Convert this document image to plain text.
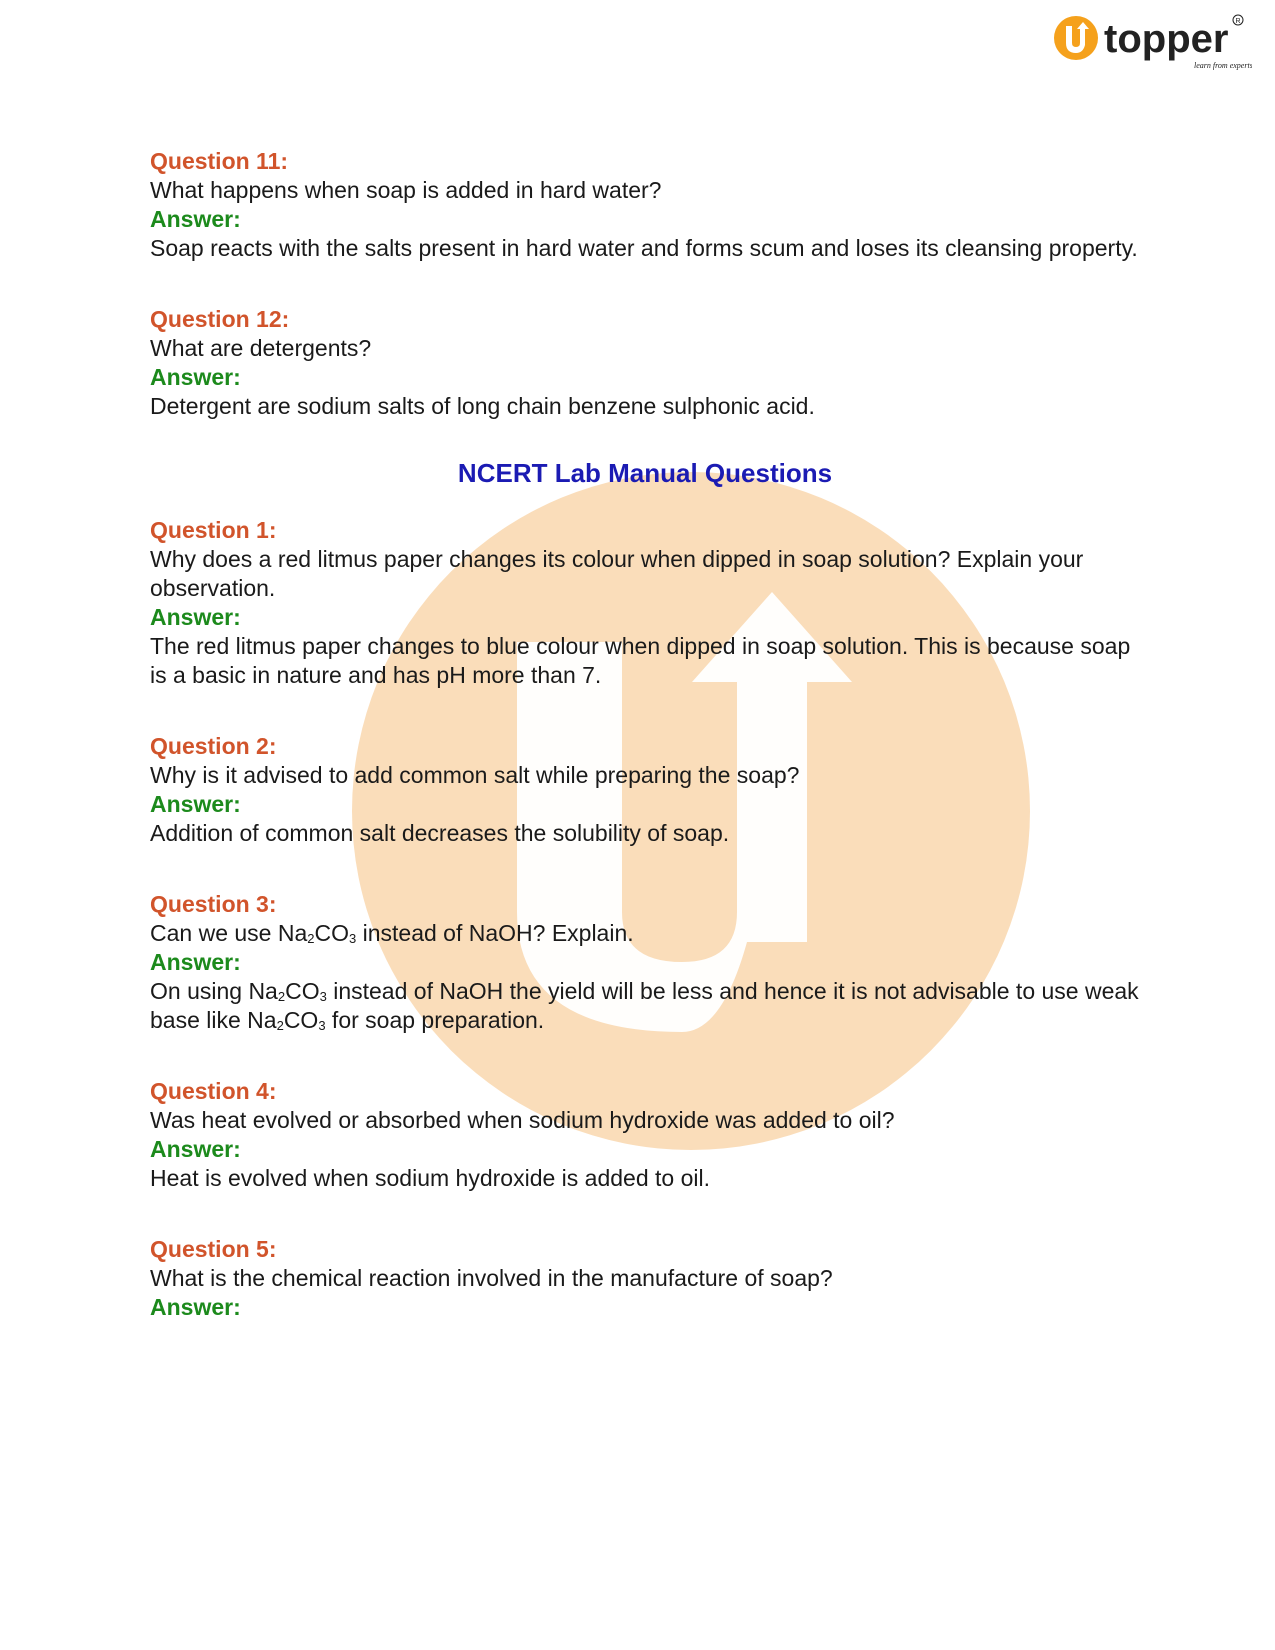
topper R
learn from experts

Question 11:

What happens when soap is added in hard water?

Answer:

Soap reacts with the salts present in hard water and forms scum and loses its cleansing property.

Question 12:

What are detergents?

Answer:

Detergent are sodium salts of long chain benzene sulphonic acid.

NCERT Lab Manual Questions

Question 1:

Why does a red litmus paper changes its colour when dipped in soap solution? Explain your observation.

Answer:

The red litmus paper changes to blue colour when dipped in soap solution. This is because soap is a basic in nature and has pH more than 7.

Question 2:

Why is it advised to add common salt while preparing the soap?

Answer:

Addition of common salt decreases the solubility of soap.

Question 3:

Can we use $Na_2CO_3$ instead of NaOH? Explain.

Answer:

On using $Na_2CO_3$ instead of NaOH the yield will be less and hence it is not advisable to use weak base like $Na_2CO_3$ for soap preparation.

Question 4:

Was heat evolved or absorbed when sodium hydroxide was added to oil?

Answer:

Heat is evolved when sodium hydroxide is added to oil.

Question 5:

What is the chemical reaction involved in the manufacture of soap?

Answer:
